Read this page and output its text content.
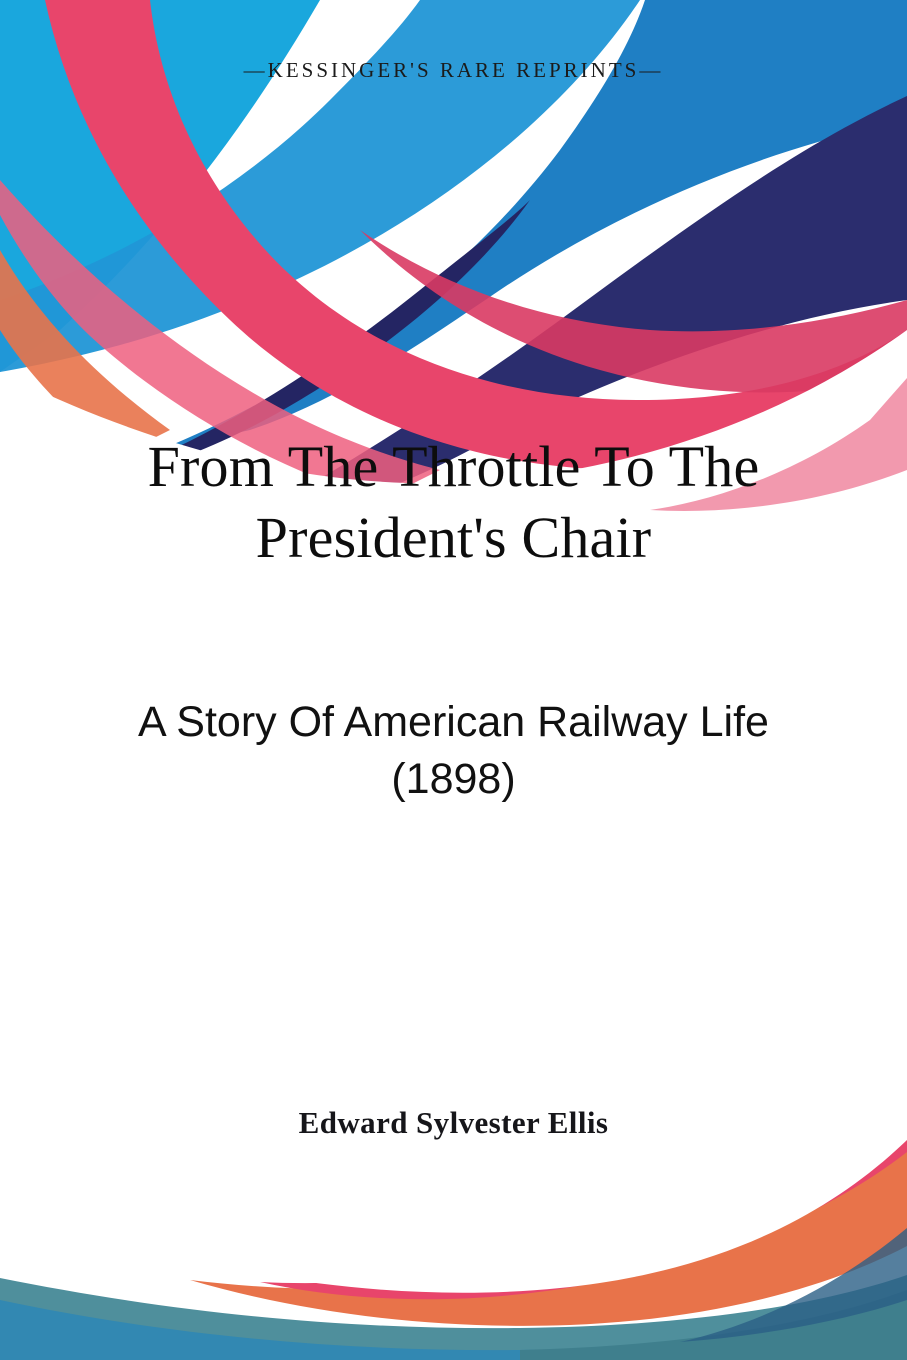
—KESSINGER'S RARE REPRINTS—
From The Throttle To The President's Chair
A Story Of American Railway Life (1898)

Edward Sylvester Ellis
